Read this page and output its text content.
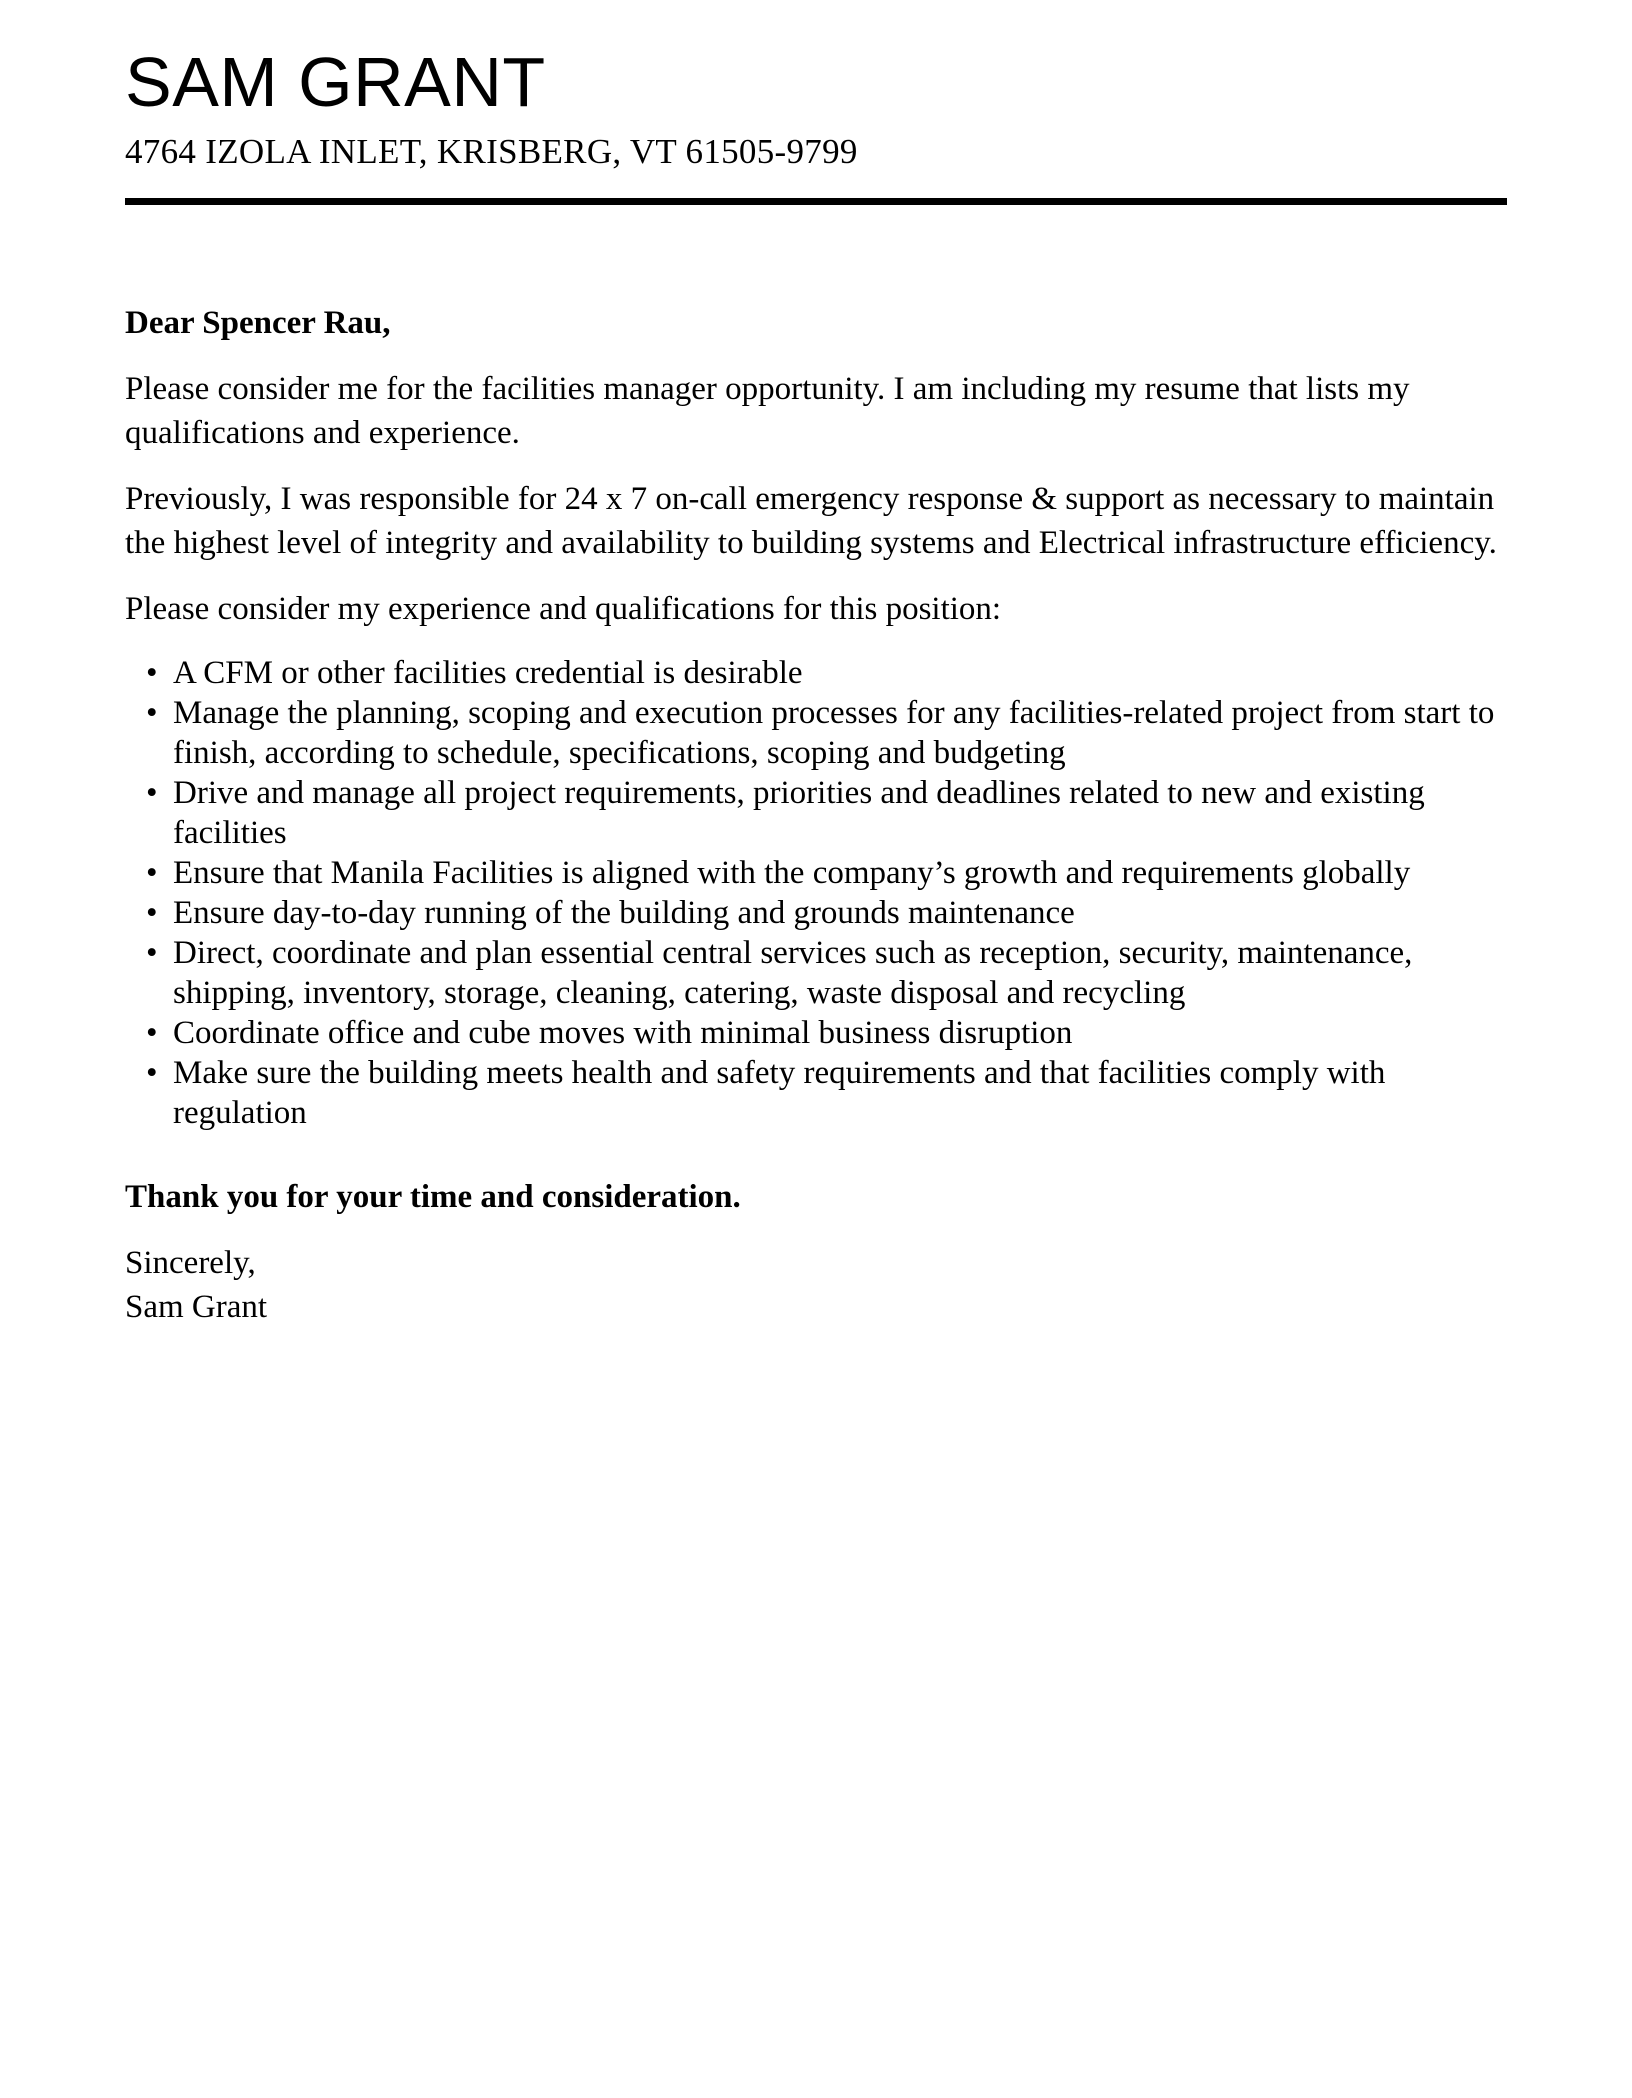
SAM GRANT
4764 IZOLA INLET, KRISBERG, VT 61505-9799

Dear Spencer Rau,

Please consider me for the facilities manager opportunity. I am including my resume that lists my qualifications and experience.

Previously, I was responsible for 24 x 7 on-call emergency response & support as necessary to maintain the highest level of integrity and availability to building systems and Electrical infrastructure efficiency.

Please consider my experience and qualifications for this position:

• A CFM or other facilities credential is desirable
• Manage the planning, scoping and execution processes for any facilities-related project from start to finish, according to schedule, specifications, scoping and budgeting
• Drive and manage all project requirements, priorities and deadlines related to new and existing facilities
• Ensure that Manila Facilities is aligned with the company’s growth and requirements globally
• Ensure day-to-day running of the building and grounds maintenance
• Direct, coordinate and plan essential central services such as reception, security, maintenance, shipping, inventory, storage, cleaning, catering, waste disposal and recycling
• Coordinate office and cube moves with minimal business disruption
• Make sure the building meets health and safety requirements and that facilities comply with regulation

Thank you for your time and consideration.

Sincerely,
Sam Grant
